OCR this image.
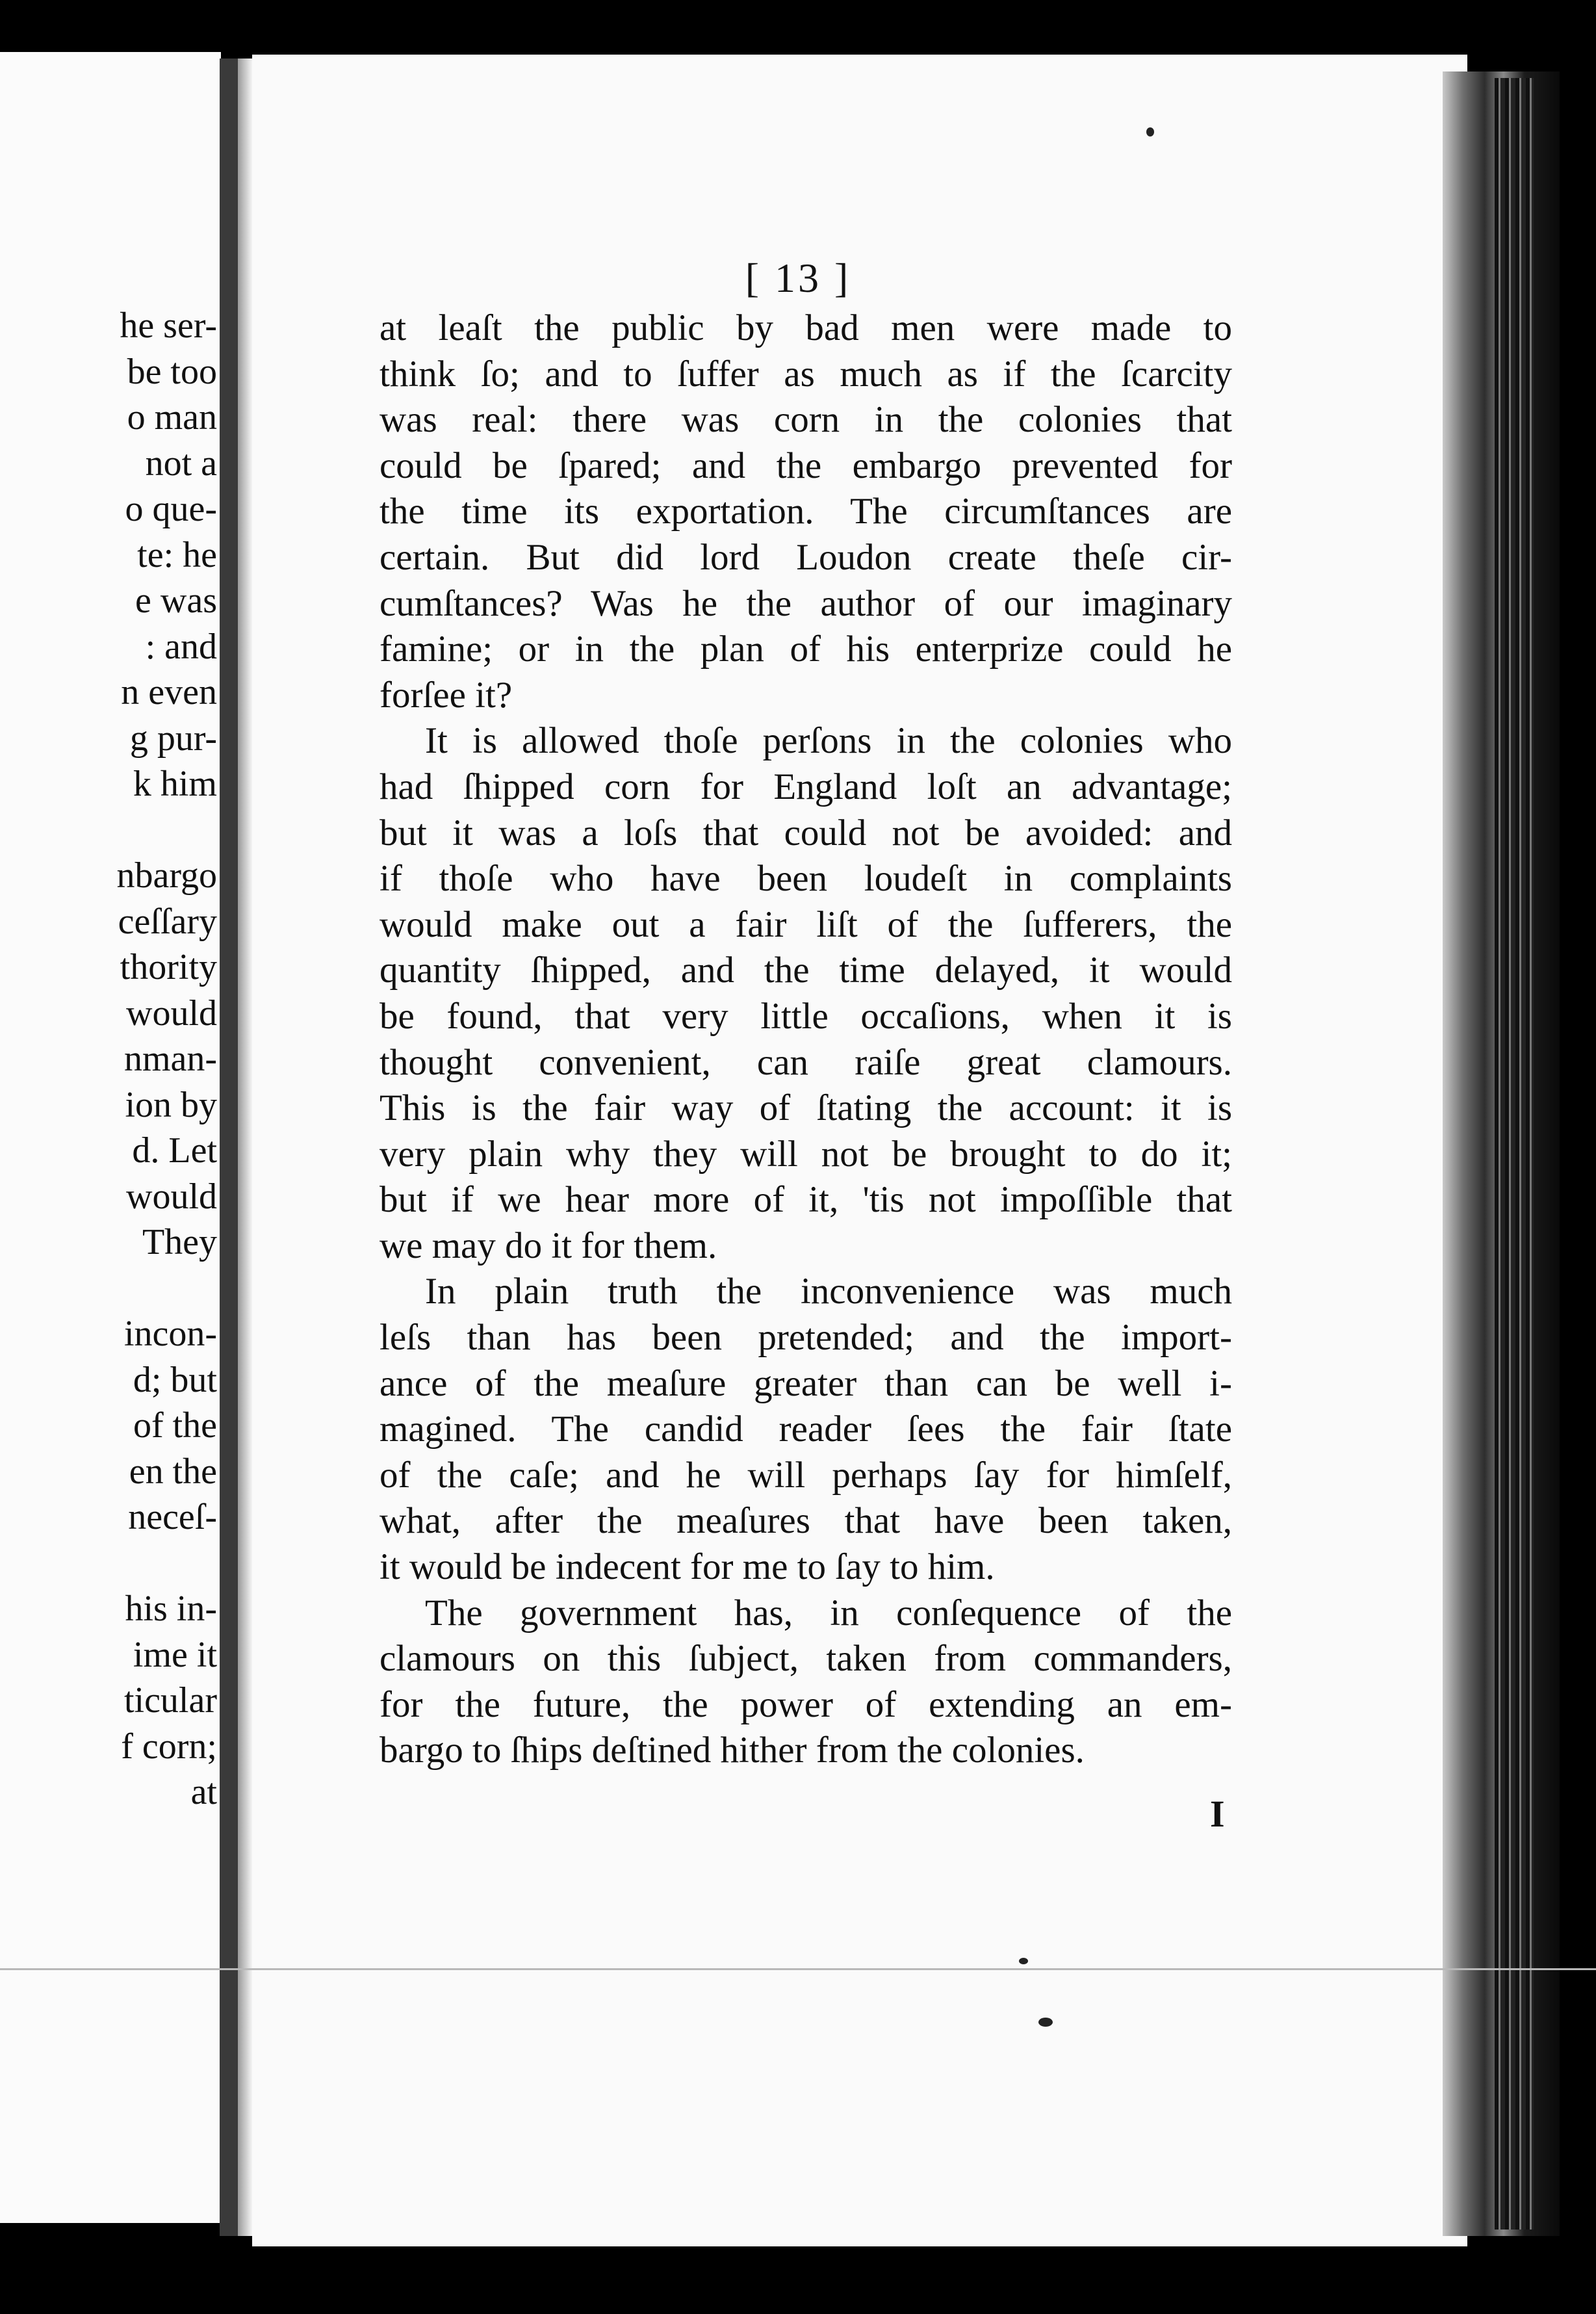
he ser-
be too
o man
not a
o que-
te: he
e was
: and
n even
g pur-
k him
nbargo
ceſſary
thority
would
nman-
ion by
d. Let
would
They
incon-
d; but
of the
en the
neceſ-
his in-
ime it
ticular
f corn;
at
[ 13 ]
at leaſt the public by bad men were made to
think ſo; and to ſuffer as much as if the ſcarcity
was real: there was corn in the colonies that
could be ſpared; and the embargo prevented for
the time its exportation. The circumſtances are
certain. But did lord Loudon create theſe cir-
cumſtances? Was he the author of our imaginary
famine; or in the plan of his enterprize could he
forſee it?
It is allowed thoſe perſons in the colonies who
had ſhipped corn for England loſt an advantage;
but it was a loſs that could not be avoided: and
if thoſe who have been loudeſt in complaints
would make out a fair liſt of the ſufferers, the
quantity ſhipped, and the time delayed, it would
be found, that very little occaſions, when it is
thought convenient, can raiſe great clamours.
This is the fair way of ſtating the account: it is
very plain why they will not be brought to do it;
but if we hear more of it, 'tis not impoſſible that
we may do it for them.
In plain truth the inconvenience was much
leſs than has been pretended; and the import-
ance of the meaſure greater than can be well i-
magined. The candid reader ſees the fair ſtate
of the caſe; and he will perhaps ſay for himſelf,
what, after the meaſures that have been taken,
it would be indecent for me to ſay to him.
The government has, in conſequence of the
clamours on this ſubject, taken from commanders,
for the future, the power of extending an em-
bargo to ſhips deſtined hither from the colonies.
I
